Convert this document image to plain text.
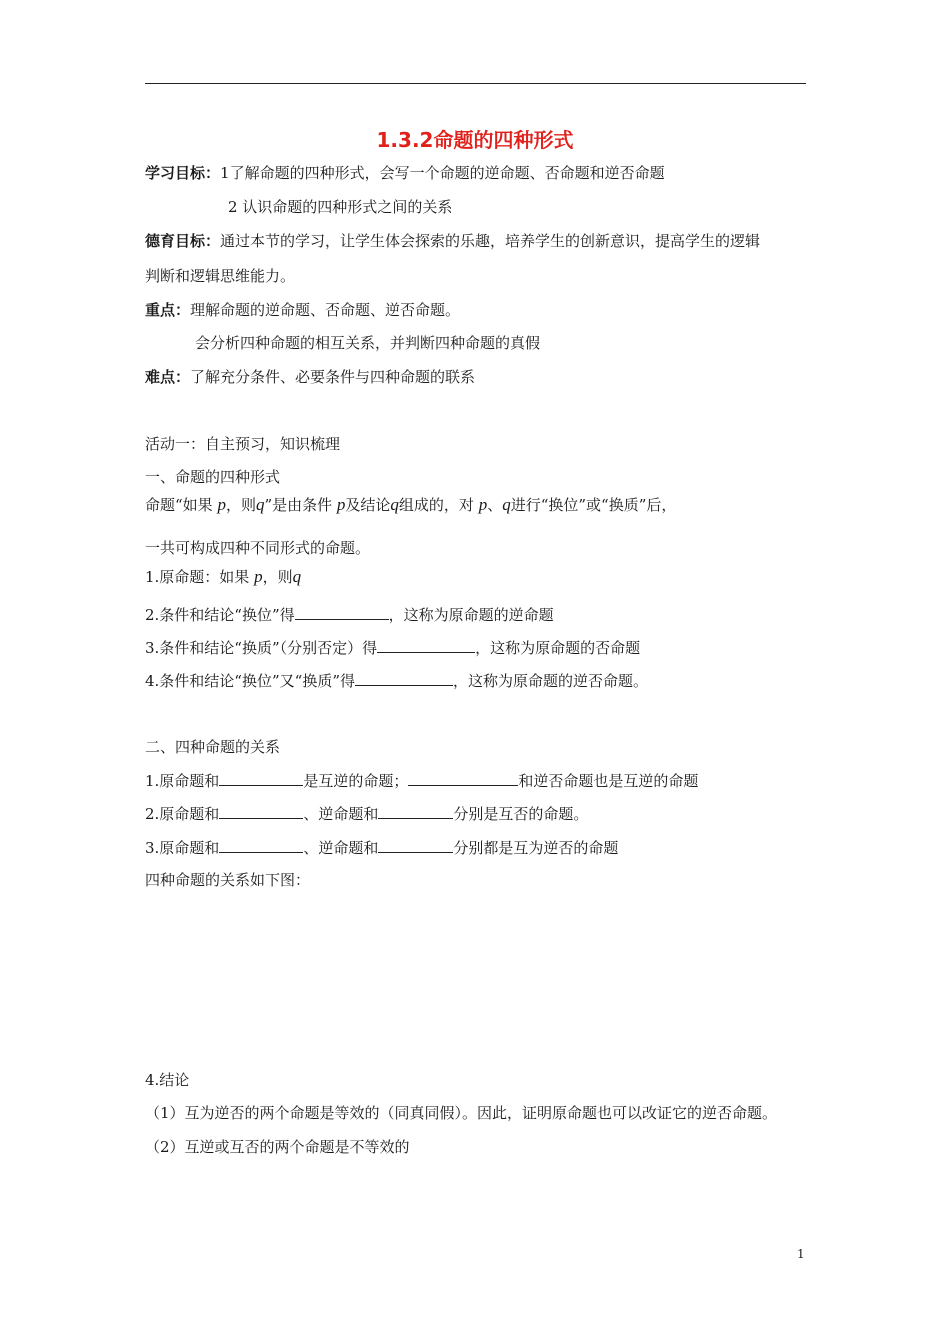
1.3.2命题的四种形式
学习目标：1了解命题的四种形式，会写一个命题的逆命题、否命题和逆否命题
2 认识命题的四种形式之间的关系
德育目标：通过本节的学习，让学生体会探索的乐趣，培养学生的创新意识，提高学生的逻辑
判断和逻辑思维能力。
重点：理解命题的逆命题、否命题、逆否命题。
会分析四种命题的相互关系，并判断四种命题的真假
难点：了解充分条件、必要条件与四种命题的联系
活动一：自主预习，知识梳理
一、命题的四种形式
命题“如果 p，则q”是由条件 p及结论q组成的，对 p、q进行“换位”或“换质”后，
一共可构成四种不同形式的命题。
1.原命题：如果 p，则q
2.条件和结论“换位”得	，这称为原命题的逆命题
3.条件和结论“换质”（分别否定）得	，这称为原命题的否命题
4.条件和结论“换位”又“换质”得	，这称为原命题的逆否命题。
二、四种命题的关系
1.原命题和	是互逆的命题；	和逆否命题也是互逆的命题
2.原命题和	、逆命题和	分别是互否的命题。
3.原命题和	、逆命题和	分别都是互为逆否的命题
四种命题的关系如下图：
4.结论
（1）互为逆否的两个命题是等效的（同真同假）。因此，证明原命题也可以改证它的逆否命题。
（2）互逆或互否的两个命题是不等效的
1
